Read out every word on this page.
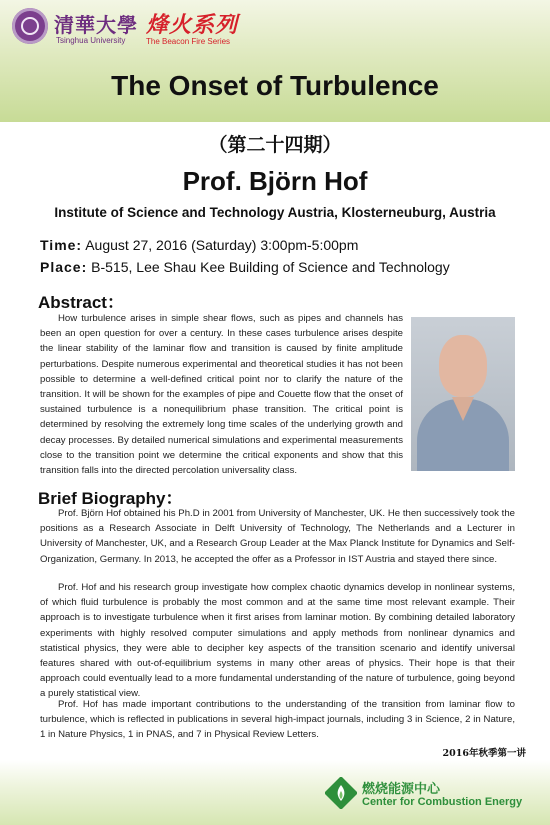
清華大學
Tsinghua University
烽火系列
The Beacon Fire Series
The Onset of Turbulence
（第二十四期）
Prof. Björn Hof
Institute of Science and Technology Austria, Klosterneuburg, Austria
Time: August 27, 2016 (Saturday) 3:00pm-5:00pm
Place: B-515, Lee Shau Kee Building of Science and Technology
Abstract：

How turbulence arises in simple shear flows, such as pipes and channels has been an open question for over a century. In these cases turbulence arises despite the linear stability of the laminar flow and transition is caused by finite amplitude perturbations. Despite numerous experimental and theoretical studies it has not been possible to determine a well-defined critical point nor to clarify the nature of the transition. It will be shown for the examples of pipe and Couette flow that the onset of sustained turbulence is a nonequilibrium phase transition. The critical point is determined by resolving the extremely long time scales of the underlying growth and decay processes. By detailed numerical simulations and experimental measurements close to the transition point we determine the critical exponents and show that this transition falls into the directed percolation universality class.

Brief Biography：

Prof. Björn Hof obtained his Ph.D in 2001 from University of Manchester, UK. He then successively took the positions as a Research Associate in Delft University of Technology, The Netherlands and a Lecturer in University of Manchester, UK, and a Research Group Leader at the Max Planck Institute for Dynamics and Self-Organization, Germany. In 2013, he accepted the offer as a Professor in IST Austria and stayed there since.

Prof. Hof and his research group investigate how complex chaotic dynamics develop in nonlinear systems, of which fluid turbulence is probably the most common and at the same time most relevant example. Their approach is to investigate turbulence when it first arises from laminar motion. By combining detailed laboratory experiments with highly resolved computer simulations and apply methods from nonlinear dynamics and statistical physics, they were able to decipher key aspects of the transition scenario and identify universal features shared with out-of-equilibrium systems in many other areas of physics. Their hope is that their approach could eventually lead to a more fundamental understanding of the nature of turbulence, going beyond a purely statistical view.

Prof. Hof has made important contributions to the understanding of the transition from laminar flow to turbulence, which is reflected in publications in several high-impact journals, including 3 in Science, 2 in Nature, 1 in Nature Physics, 1 in PNAS, and 7 in Physical Review Letters.

2016年秋季第一讲
燃烧能源中心
Center for Combustion Energy
